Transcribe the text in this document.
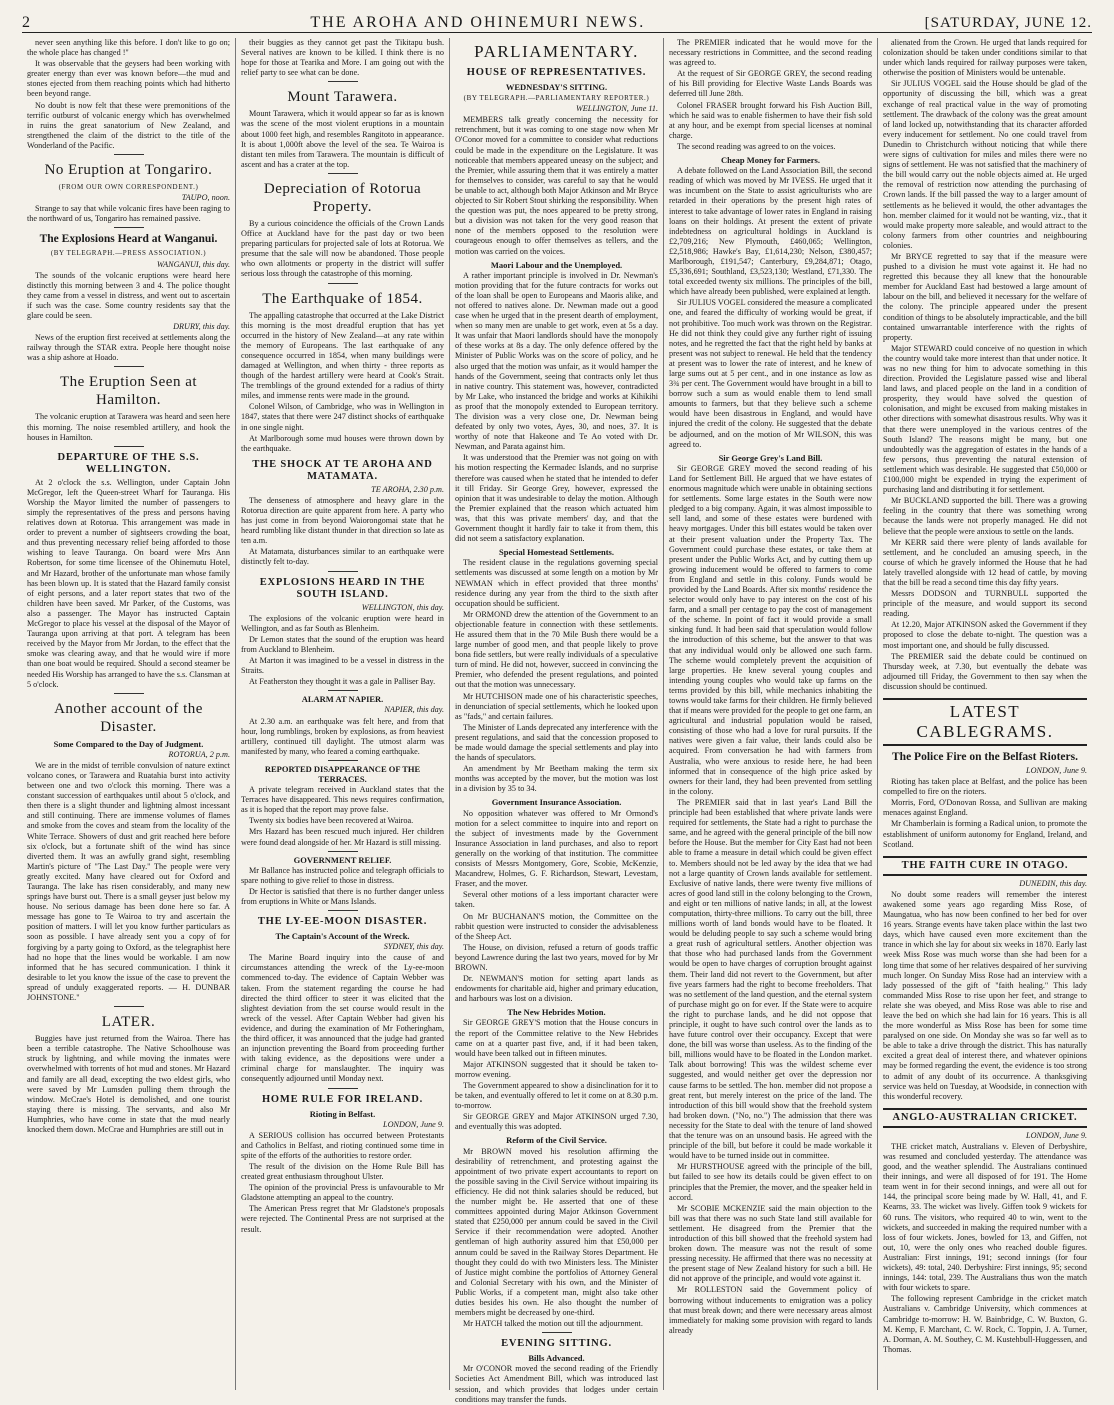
2	THE AROHA AND OHINEMURI NEWS.	[SATURDAY, JUNE 12.

never seen anything like this before. I don't like to go on; the whole place has changed !"

It was observable that the geysers had been working with greater energy than ever was known before—the mud and stones ejected from them reaching points which had hitherto been beyond range.

No doubt is now felt that these were premonitions of the terrific outburst of volcanic energy which has overwhelmed in ruins the great sanatorium of New Zealand, and strengthened the claim of the district to the title of the Wonderland of the Pacific.

No Eruption at Tongariro.
(FROM OUR OWN CORRESPONDENT.)
TAUPO, noon.

Strange to say that while volcanic fires have been raging to the northward of us, Tongariro has remained passive.

The Explosions Heard at Wanganui.
(BY TELEGRAPH.—PRESS ASSOCIATION.)
WANGANUI, this day.

The sounds of the volcanic eruptions were heard here distinctly this morning between 3 and 4. The police thought they came from a vessel in distress, and went out to ascertain if such was the case. Some country residents say that the glare could be seen.

DRURY, this day.

News of the eruption first received at settlements along the railway through the STAR extra. People here thought noise was a ship ashore at Hoado.

The Eruption Seen at Hamilton.

The volcanic eruption at Tarawera was heard and seen here this morning. The noise resembled artillery, and hook the houses in Hamilton.

DEPARTURE OF THE S.S. WELLINGTON.

At 2 o'clock the s.s. Wellington, under Captain John McGregor, left the Queen-street Wharf for Tauranga. His Worship the Mayor limited the number of passengers to simply the representatives of the press and persons having relatives down at Rotorua. This arrangement was made in order to prevent a number of sightseers crowding the boat, and thus preventing necessary relief being afforded to those wishing to leave Tauranga. On board were Mrs Ann Robertson, for some time licensee of the Ohinemutu Hotel, and Mr Hazard, brother of the unfortunate man whose family has been blown up. It is stated that the Hazard family consist of eight persons, and a later report states that two of the children have been saved. Mr Parker, of the Customs, was also a passenger. The Mayor has instructed Captain McGregor to place his vessel at the disposal of the Mayor of Tauranga upon arriving at that port. A telegram has been received by the Mayor from Mr Jordan, to the effect that the smoke was clearing away, and that he would wire if more than one boat would be required. Should a second steamer be needed His Worship has arranged to have the s.s. Clansman at 5 o'clock.

Another account of the Disaster.
Some Compared to the Day of Judgment.
ROTORUA, 2 p.m.

We are in the midst of terrible convulsion of nature extinct volcano cones, or Tarawera and Ruatahia burst into activity between one and two o'clock this morning. There was a constant succession of earthquakes until about 5 o'clock, and then there is a slight thunder and lightning almost incessant and still continuing. There are immense volumes of flames and smoke from the coves and steam from the locality of the White Terrace. Showers of dust and grit reached here before six o'clock, but a fortunate shift of the wind has since diverted them. It was an awfully grand sight, resembling Martin's picture of "The Last Day." The people were very greatly excited. Many have cleared out for Oxford and Tauranga. The lake has risen considerably, and many new springs have burst out. There is a small geyser just below my house. No serious damage has been done here so far. A message has gone to Te Wairoa to try and ascertain the position of matters. I will let you know further particulars as soon as possible. I have already sent you a copy of for forgiving by a party going to Oxford, as the telegraphist here had no hope that the lines would be workable. I am now informed that he has secured communication. I think it desirable to let you know the issue of the case to prevent the spread of unduly exaggerated reports. — H. DUNBAR JOHNSTONE."

LATER.

Buggies have just returned from the Wairoa. There has been a terrible catastrophe. The Native Schoolhouse was struck by lightning, and while moving the inmates were overwhelmed with torrents of hot mud and stones. Mr Hazard and family are all dead, excepting the two eldest girls, who were saved by Mr Lumsden pulling them through the window. McCrae's Hotel is demolished, and one tourist staying there is missing. The servants, and also Mr Humphries, who have come in state that the mud nearly knocked them down. McCrae and Humphries are still out in

their buggies as they cannot get past the Tikitapu bush. Several natives are known to be killed. I think there is no hope for those at Tearika and More. I am going out with the relief party to see what can be done.

Mount Tarawera.

Mount Tarawera, which it would appear so far as is known was the scene of the most violent eruptions in a mountain about 1000 feet high, and resembles Rangitoto in appearance. It is about 1,000ft above the level of the sea. Te Wairoa is distant ten miles from Tarawera. The mountain is difficult of ascent and has a crater at the top.

Depreciation of Rotorua Property.

By a curious coincidence the officials of the Crown Lands Office at Auckland have for the past day or two been preparing particulars for projected sale of lots at Rotorua. We presume that the sale will now be abandoned. Those people who own allotments or property in the district will suffer serious loss through the catastrophe of this morning.

The Earthquake of 1854.

The appalling catastrophe that occurred at the Lake District this morning is the most dreadful eruption that has yet occurred in the history of New Zealand—at any rate within the memory of Europeans. The last earthquake of any consequence occurred in 1854, when many buildings were damaged at Wellington, and when thirty - three reports as though of the hardest artillery were heard at Cook's Strait. The tremblings of the ground extended for a radius of thirty miles, and immense rents were made in the ground.

Colonel Wilson, of Cambridge, who was in Wellington in 1847, states that there were 247 distinct shocks of earthquake in one single night.

At Marlborough some mud houses were thrown down by the earthquake.

THE SHOCK AT TE AROHA AND MATAMATA.
TE AROHA, 2.30 p.m.

The denseness of atmosphere and heavy glare in the Rotorua direction are quite apparent from here. A party who has just come in from beyond Waiorongomai state that he heard rumbling like distant thunder in that direction so late as ten a.m.

At Matamata, disturbances similar to an earthquake were distinctly felt to-day.

EXPLOSIONS HEARD IN THE SOUTH ISLAND.
WELLINGTON, this day.

The explosions of the volcanic eruption were heard in Wellington, and as far South as Blenheim.

Dr Lemon states that the sound of the eruption was heard from Auckland to Blenheim.

At Marton it was imagined to be a vessel in distress in the Straits.

At Featherston they thought it was a gale in Palliser Bay.

ALARM AT NAPIER.
NAPIER, this day.

At 2.30 a.m. an earthquake was felt here, and from that hour, long rumblings, broken by explosions, as from heaviest artillery, continued till daylight. The utmost alarm was manifested by many, who feared a coming earthquake.

REPORTED DISAPPEARANCE OF THE TERRACES.

A private telegram received in Auckland states that the Terraces have disappeared. This news requires confirmation, as it is hoped that the report may prove false.

Twenty six bodies have been recovered at Wairoa.

Mrs Hazard has been rescued much injured. Her children were found dead alongside of her. Mr Hazard is still missing.

GOVERNMENT RELIEF.

Mr Ballance has instructed police and telegraph officials to spare nothing to give relief to those in distress.

Dr Hector is satisfied that there is no further danger unless from eruptions in White or Mans Islands.

THE LY-EE-MOON DISASTER.
The Captain's Account of the Wreck.
SYDNEY, this day.

The Marine Board inquiry into the cause of and circumstances attending the wreck of the Ly-ee-moon commenced to-day. The evidence of Captain Webber was taken. From the statement regarding the course he had directed the third officer to steer it was elicited that the slightest deviation from the set course would result in the wreck of the vessel. After Captain Webber had given his evidence, and during the examination of Mr Fotheringham, the third officer, it was announced that the judge had granted an injunction preventing the Board from proceeding further with taking evidence, as the depositions were under a criminal charge for manslaughter. The inquiry was consequently adjourned until Monday next.

HOME RULE FOR IRELAND.
Rioting in Belfast.
LONDON, June 9.

A SERIOUS collision has occurred between Protestants and Catholics in Belfast, and rioting continued some time in spite of the efforts of the authorities to restore order.

The result of the division on the Home Rule Bill has created great enthusiasm throughout Ulster.

The opinion of the provincial Press is unfavourable to Mr Gladstone attempting an appeal to the country.

The American Press regret that Mr Gladstone's proposals were rejected. The Continental Press are not surprised at the result.

PARLIAMENTARY.
HOUSE OF REPRESENTATIVES.
WEDNESDAY'S SITTING.
(BY TELEGRAPH.—PARLIAMENTARY REPORTER.)
WELLINGTON, June 11.

MEMBERS talk greatly concerning the necessity for retrenchment, but it was coming to one stage now when Mr O'Conor moved for a committee to consider what reductions could be made in the expenditure on the Legislature. It was noticeable that members appeared uneasy on the subject; and the Premier, while assuring them that it was entirely a matter for themselves to consider, was careful to say that he would be unable to act, although both Major Atkinson and Mr Bryce objected to Sir Robert Stout shirking the responsibility. When the question was put, the noes appeared to be pretty strong, but a division was not taken for the very good reason that none of the members opposed to the resolution were courageous enough to offer themselves as tellers, and the motion was carried on the voices.

Maori Labour and the Unemployed.

A rather important principle is involved in Dr. Newman's motion providing that for the future contracts for works out of the loan shall be open to Europeans and Maoris alike, and not offered to natives alone. Dr. Newman made out a good case when he urged that in the present dearth of employment, when so many men are unable to get work, even at 5s a day. It was unfair that Maori landlords should have the monopoly of these works at 8s a day. The only defence offered by the Minister of Public Works was on the score of policy, and he also urged that the motion was unfair, as it would hamper the hands of the Government, seeing that contracts only let thus in native country. This statement was, however, contradicted by Mr Lake, who instanced the bridge and works at Kihikihi as proof that the monopoly extended to European territory. The division was a very close one, Dr. Newman being defeated by only two votes, Ayes, 30, and noes, 37. It is worthy of note that Hakeone and Te Ao voted with Dr. Newman, and Parata against him.

It was understood that the Premier was not going on with his motion respecting the Kermadec Islands, and no surprise therefore was caused when he stated that he intended to defer it till Friday. Sir George Grey, however, expressed the opinion that it was undesirable to delay the motion. Although the Premier explained that the reason which actuated him was, that this was private members' day, and that the Government thought it hardly fair to take it from them, this did not seem a satisfactory explanation.

Special Homestead Settlements.

The resident clause in the regulations governing special settlements was discussed at some length on a motion by Mr NEWMAN which in effect provided that three months' residence during any year from the third to the sixth after occupation should be sufficient.

Mr ORMOND drew the attention of the Government to an objectionable feature in connection with these settlements. He assured them that in the 70 Mile Bush there would be a large number of good men, and that people likely to prove bona fide settlers, but were really individuals of a speculative turn of mind. He did not, however, succeed in convincing the Premier, who defended the present regulations, and pointed out that the motion was unnecessary.

Mr HUTCHISON made one of his characteristic speeches, in denunciation of special settlements, which he looked upon as "fads," and certain failures.

The Minister of Lands deprecated any interference with the present regulations, and said that the concession proposed to be made would damage the special settlements and play into the hands of speculators.

An amendment by Mr Beetham making the term six months was accepted by the mover, but the motion was lost in a division by 35 to 34.

Government Insurance Association.

No opposition whatever was offered to Mr Ormond's motion for a select committee to inquire into and report on the subject of investments made by the Government Insurance Association in land purchases, and also to report generally on the working of that institution. The committee consists of Messrs Montgomery, Gore, Scobie, McKenzie, Macandrew, Holmes, G. F. Richardson, Stewart, Levestam, Fraser, and the mover.

Several other motions of a less important character were taken.

On Mr BUCHANAN'S motion, the Committee on the rabbit question were instructed to consider the advisableness of the Sheep Act.

The House, on division, refused a return of goods traffic beyond Lawrence during the last two years, moved for by Mr BROWN.

Dr. NEWMAN'S motion for setting apart lands as endowments for charitable aid, higher and primary education, and harbours was lost on a division.

The New Hebrides Motion.

Sir GEORGE GREY'S motion that the House concurs in the report of the Committee relative to the New Hebrides came on at a quarter past five, and, if it had been taken, would have been talked out in fifteen minutes.

Major ATKINSON suggested that it should be taken to-morrow evening.

The Government appeared to show a disinclination for it to be taken, and eventually offered to let it come on at 8.30 p.m. to-morrow.

Sir GEORGE GREY and Major ATKINSON urged 7.30, and eventually this was adopted.

Reform of the Civil Service.

Mr BROWN moved his resolution affirming the desirability of retrenchment, and protesting against the appointment of two private expert accountants to report on the possible saving in the Civil Service without impairing its efficiency. He did not think salaries should be reduced, but the number might be. He asserted that one of these committees appointed during Major Atkinson Government stated that £250,000 per annum could be saved in the Civil Service if their recommendation were adopted. Another gentleman of high authority assured him that £50,000 per annum could be saved in the Railway Stores Department. He thought they could do with two Ministers less. The Minister of Justice might combine the portfolios of Attorney General and Colonial Secretary with his own, and the Minister of Public Works, if a competent man, might also take other duties besides his own. He also thought the number of members might be decreased by one-third.

Mr HATCH talked the motion out till the adjournment.

EVENING SITTING.
Bills Advanced.

Mr O'CONOR moved the second reading of the Friendly Societies Act Amendment Bill, which was introduced last session, and which provides that lodges under certain conditions may transfer the funds.

The PREMIER indicated that he would move for the necessary restrictions in Committee, and the second reading was agreed to.

At the request of Sir GEORGE GREY, the second reading of his Bill providing for Elective Waste Lands Boards was deferred till June 28th.

Colonel FRASER brought forward his Fish Auction Bill, which he said was to enable fishermen to have their fish sold at any hour, and be exempt from special licenses at nominal charge.

The second reading was agreed to on the voices.

Cheap Money for Farmers.

A debate followed on the Land Association Bill, the second reading of which was moved by Mr IVESS. He urged that it was incumbent on the State to assist agriculturists who are retarded in their operations by the present high rates of interest to take advantage of lower rates in England in raising loans on their holdings. At present the extent of private indebtedness on agricultural holdings in Auckland is £2,709,216; New Plymouth, £460,065; Wellington, £2,518,986; Hawke's Bay, £1,614,230; Nelson, £380,457; Marlborough, £191,547; Canterbury, £9,284,871; Otago, £5,336,691; Southland, £3,523,130; Westland, £71,330. The total exceeded twenty six millions. The principles of the bill, which have already been published, were explained at length.

Sir JULIUS VOGEL considered the measure a complicated one, and feared the difficulty of working would be great, if not prohibitive. Too much work was thrown on the Registrar. He did not think they could give any further right of issuing notes, and he regretted the fact that the right held by banks at present was not subject to renewal. He held that the tendency at present was to lower the rate of interest, and he knew of large sums out at 5 per cent., and in one instance as low as 3¾ per cent. The Government would have brought in a bill to borrow such a sum as would enable them to lend small amounts to farmers, but that they believe such a scheme would have been disastrous in England, and would have injured the credit of the colony. He suggested that the debate be adjourned, and on the motion of Mr WILSON, this was agreed to.

Sir George Grey's Land Bill.

Sir GEORGE GREY moved the second reading of his Land for Settlement Bill. He argued that we have estates of enormous magnitude which were unable in obtaining sections for settlements. Some large estates in the South were now pledged to a big company. Again, it was almost impossible to sell land, and some of these estates were burdened with heavy mortgages. Under this bill estates would be taken over at their present valuation under the Property Tax. The Government could purchase these estates, or take them at present under the Public Works Act, and by cutting them up growing inducement would be offered to farmers to come from England and settle in this colony. Funds would be provided by the Land Boards. After six months' residence the selector would only have to pay interest on the cost of his farm, and a small per centage to pay the cost of management of the scheme. In point of fact it would provide a small sinking fund. It had been said that speculation would follow the introduction of this scheme, but the answer to that was that any individual would only be allowed one such farm. The scheme would completely prevent the acquisition of large properties. He knew several young couples and intending young couples who would take up farms on the terms provided by this bill, while mechanics inhabiting the towns would take farms for their children. He firmly believed that if means were provided for the people to get one farm, an agricultural and industrial population would be raised, consisting of those who had a love for rural pursuits. If the natives were given a fair value, their lands could also be acquired. From conversation he had with farmers from Australia, who were anxious to reside here, he had been informed that in consequence of the high price asked by owners for their land, they had been prevented from settling in the colony.

The PREMIER said that in last year's Land Bill the principle had been established that where private lands were required for settlements, the State had a right to purchase the same, and he agreed with the general principle of the bill now before the House. But the member for City East had not been able to frame a measure in detail which could be given effect to. Members should not be led away by the idea that we had not a large quantity of Crown lands available for settlement. Exclusive of native lands, there were twenty five millions of acres of good land still in the colony belonging to the Crown, and eight or ten millions of native lands; in all, at the lowest computation, thirty-three millions. To carry out the bill, three millions worth of land bonds would have to be floated. It would be deluding people to say such a scheme would bring a great rush of agricultural settlers. Another objection was that those who had purchased lands from the Government would be open to have charges of corruption brought against them. Their land did not revert to the Government, but after five years farmers had the right to become freeholders. That was no settlement of the land question, and the eternal system of purchase might go on for ever. If the State were to acquire the right to purchase lands, and he did not oppose that principle, it ought to have such control over the lands as to have future control over their occupancy. Except that were done, the bill was worse than useless. As to the finding of the bill, millions would have to be floated in the London market. Talk about borrowing! This was the wildest scheme ever suggested, and would neither get over the depression nor cause farms to be settled. The hon. member did not propose a great rent, but merely interest on the price of the land. The introduction of this bill would show that the freehold system had broken down. ("No, no.") The admission that there was necessity for the State to deal with the tenure of land showed that the tenure was on an unsound basis. He agreed with the principle of the bill, but before it could be made workable it would have to be turned inside out in committee.

Mr HURSTHOUSE agreed with the principle of the bill, but failed to see how its details could be given effect to on principles that the Premier, the mover, and the speaker held in accord.

Mr SCOBIE MCKENZIE said the main objection to the bill was that there was no such State land still available for settlement. He disagreed from the Premier that the introduction of this bill showed that the freehold system had broken down. The measure was not the result of some pressing necessity. He affirmed that there was no necessity at the present stage of New Zealand history for such a bill. He did not approve of the principle, and would vote against it.

Mr ROLLESTON said the Government policy of borrowing without inducements to emigration was a policy that must break down; and there were necessary areas almost immediately for making some provision with regard to lands already

alienated from the Crown. He urged that lands required for colonization should be taken under conditions similar to that under which lands required for railway purposes were taken, otherwise the position of Ministers would be untenable.

Sir JULIUS VOGEL said the House should be glad of the opportunity of discussing the bill, which was a great exchange of real practical value in the way of promoting settlement. The drawback of the colony was the great amount of land locked up, notwithstanding that its character afforded every inducement for settlement. No one could travel from Dunedin to Christchurch without noticing that while there were signs of cultivation for miles and miles there were no signs of settlement. He was not satisfied that the machinery of the bill would carry out the noble objects aimed at. He urged the removal of restriction now attending the purchasing of Crown lands. If the bill passed the way to a larger amount of settlements as he believed it would, the other advantages the hon. member claimed for it would not be wanting, viz., that it would make property more saleable, and would attract to the colony farmers from other countries and neighbouring colonies.

Mr BRYCE regretted to say that if the measure were pushed to a division he must vote against it. He had no regretted this because they all knew that the honourable member for Auckland East had bestowed a large amount of labour on the bill, and believed it necessary for the welfare of the colony. The principle appeared under the present condition of things to be absolutely impracticable, and the bill contained unwarrantable interference with the rights of property.

Major STEWARD could conceive of no question in which the country would take more interest than that under notice. It was no new thing for him to advocate something in this direction. Provided the Legislature passed wise and liberal land laws, and placed people on the land in a condition of prosperity, they would have solved the question of colonisation, and might be excused from making mistakes in other directions with somewhat disastrous results. Why was it that there were unemployed in the various centres of the South Island? The reasons might be many, but one undoubtedly was the aggregation of estates in the hands of a few persons, thus preventing the natural extension of settlement which was desirable. He suggested that £50,000 or £100,000 might be expended in trying the experiment of purchasing land and distributing it for settlement.

Mr BUCKLAND supported the bill. There was a growing feeling in the country that there was something wrong because the lands were not properly managed. He did not believe that the people were anxious to settle on the lands.

Mr KERR said there were plenty of lands available for settlement, and he concluded an amusing speech, in the course of which he gravely informed the House that he had lately travelled alongside with 12 head of cattle, by moving that the bill be read a second time this day fifty years.

Messrs DODSON and TURNBULL supported the principle of the measure, and would support its second reading.

At 12.20, Major ATKINSON asked the Government if they proposed to close the debate to-night. The question was a most important one, and should be fully discussed.

The PREMIER said the debate could be continued on Thursday week, at 7.30, but eventually the debate was adjourned till Friday, the Government to then say when the discussion should be continued.

LATEST CABLEGRAMS.
The Police Fire on the Belfast Rioters.
LONDON, June 9.

Rioting has taken place at Belfast, and the police has been compelled to fire on the rioters.

Morris, Ford, O'Donovan Rossa, and Sullivan are making menaces against England.

Mr Chamberlain is forming a Radical union, to promote the establishment of uniform autonomy for England, Ireland, and Scotland.

THE FAITH CURE IN OTAGO.
DUNEDIN, this day.

No doubt some readers will remember the interest awakened some years ago regarding Miss Rose, of Maungatua, who has now been confined to her bed for over 16 years. Strange events have taken place within the last two days, which have caused even more excitement than the trance in which she lay for about six weeks in 1870. Early last week Miss Rose was much worse than she had been for a long time that some of her relatives despaired of her surviving much longer. On Sunday Miss Rose had an interview with a lady possessed of the gift of "faith healing." This lady commanded Miss Rose to rise upon her feet, and strange to relate she was obeyed, and Miss Rose was able to rise and leave the bed on which she had lain for 16 years. This is all the more wonderful as Miss Rose has been for some time paralysed on one side. On Monday she was so far well as to be able to take a drive through the district. This has naturally excited a great deal of interest there, and whatever opinions may be formed regarding the event, the evidence is too strong to admit of any doubt of its occurrence. A thanksgiving service was held on Tuesday, at Woodside, in connection with this wonderful recovery.

ANGLO-AUSTRALIAN CRICKET.
LONDON, June 9.

THE cricket match, Australians v. Eleven of Derbyshire, was resumed and concluded yesterday. The attendance was good, and the weather splendid. The Australians continued their innings, and were all disposed of for 191. The Home team went in for their second innings, and were all out for 144, the principal score being made by W. Hall, 41, and F. Kearns, 33. The wicket was lively. Giffen took 9 wickets for 60 runs. The visitors, who required 40 to win, went to the wickets, and succeeded in making the required number with a loss of four wickets. Jones, bowled for 13, and Giffen, not out, 10, were the only ones who reached double figures. Australian: First innings, 191; second innings (for four wickets), 49: total, 240. Derbyshire: First innings, 95; second innings, 144: total, 239. The Australians thus won the match with four wickets to spare.

The following represent Cambridge in the cricket match Australians v. Cambridge University, which commences at Cambridge to-morrow: H. W. Bainbridge, C. W. Buxton, G. M. Kemp, F. Marchant, C. W. Rock, C. Toppin, J. A. Turner, A. Dorman, A. M. Southey, C. M. Kustehbull-Huggessen, and Thomas.
